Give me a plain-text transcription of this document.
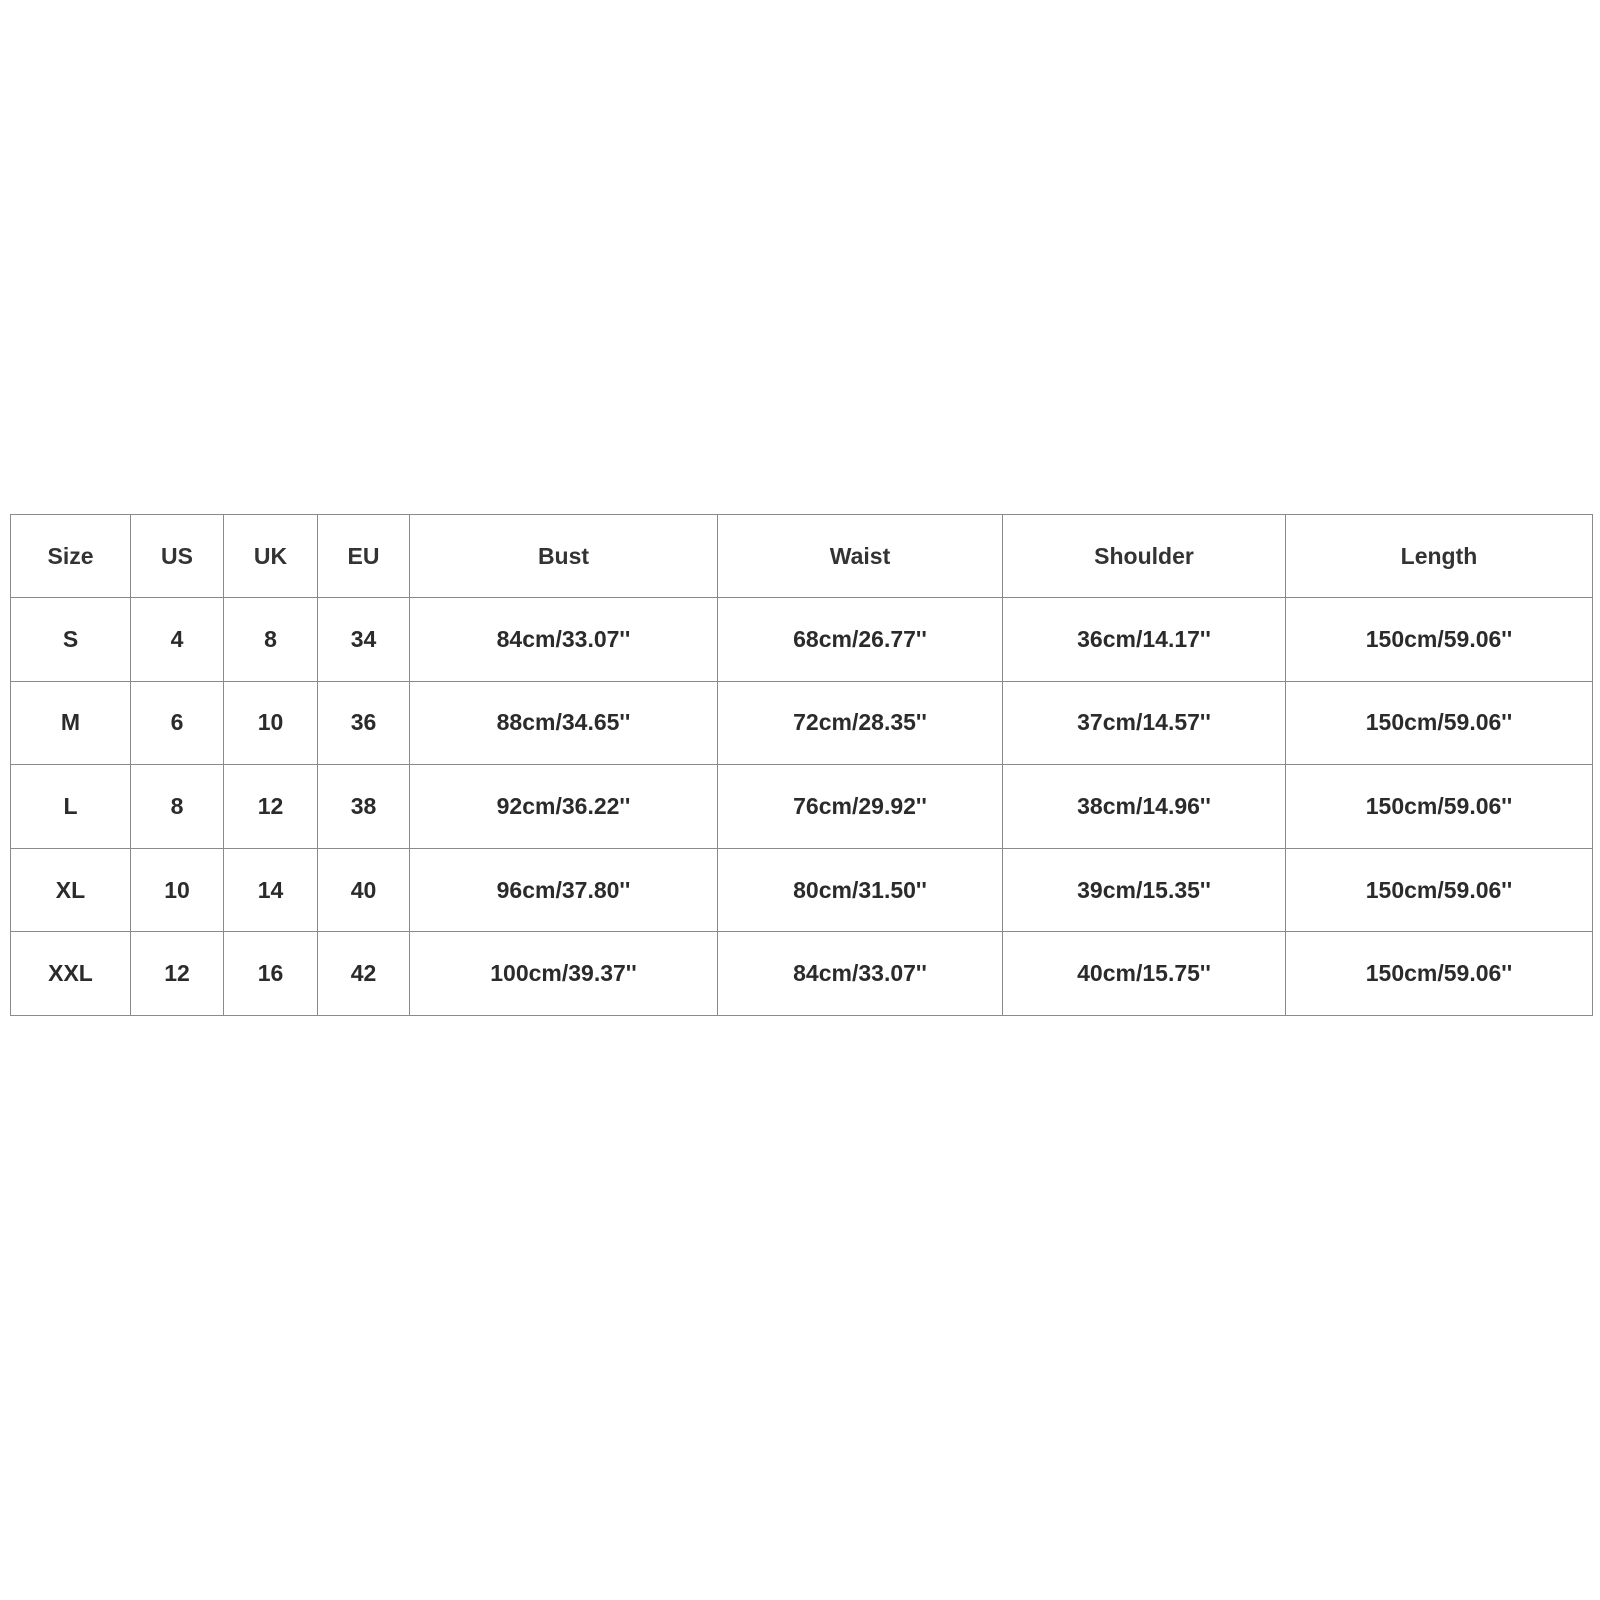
Size	US	UK	EU	Bust	Waist	Shoulder	Length
S	4	8	34	84cm/33.07''	68cm/26.77''	36cm/14.17''	150cm/59.06''
M	6	10	36	88cm/34.65''	72cm/28.35''	37cm/14.57''	150cm/59.06''
L	8	12	38	92cm/36.22''	76cm/29.92''	38cm/14.96''	150cm/59.06''
XL	10	14	40	96cm/37.80''	80cm/31.50''	39cm/15.35''	150cm/59.06''
XXL	12	16	42	100cm/39.37''	84cm/33.07''	40cm/15.75''	150cm/59.06''
